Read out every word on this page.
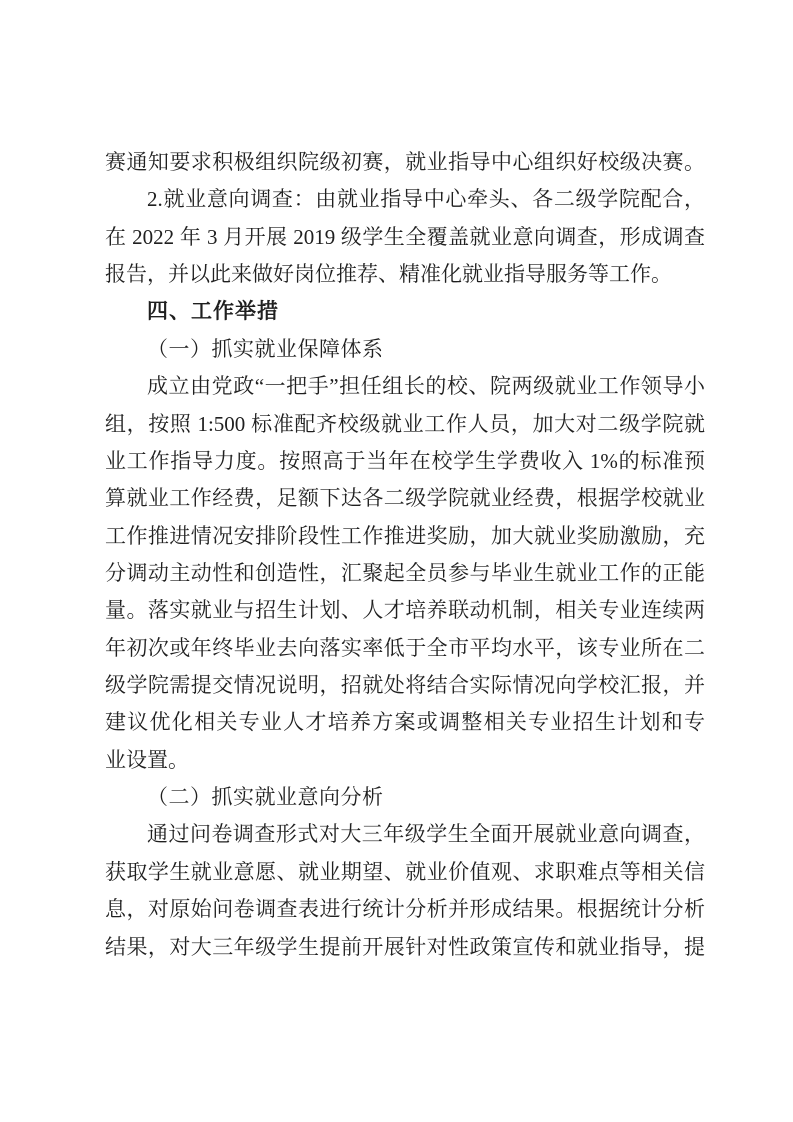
赛通知要求积极组织院级初赛，就业指导中心组织好校级决赛。
2.就业意向调查：由就业指导中心牵头、各二级学院配合，
在 2022 年 3 月开展 2019 级学生全覆盖就业意向调查，形成调查
报告，并以此来做好岗位推荐、精准化就业指导服务等工作。
四、工作举措
（一）抓实就业保障体系
成立由党政“一把手”担任组长的校、院两级就业工作领导小
组，按照 1:500 标准配齐校级就业工作人员，加大对二级学院就
业工作指导力度。按照高于当年在校学生学费收入 1%的标准预
算就业工作经费，足额下达各二级学院就业经费，根据学校就业
工作推进情况安排阶段性工作推进奖励，加大就业奖励激励，充
分调动主动性和创造性，汇聚起全员参与毕业生就业工作的正能
量。落实就业与招生计划、人才培养联动机制，相关专业连续两
年初次或年终毕业去向落实率低于全市平均水平，该专业所在二
级学院需提交情况说明，招就处将结合实际情况向学校汇报，并
建议优化相关专业人才培养方案或调整相关专业招生计划和专
业设置。
（二）抓实就业意向分析
通过问卷调查形式对大三年级学生全面开展就业意向调查，
获取学生就业意愿、就业期望、就业价值观、求职难点等相关信
息，对原始问卷调查表进行统计分析并形成结果。根据统计分析
结果，对大三年级学生提前开展针对性政策宣传和就业指导，提
